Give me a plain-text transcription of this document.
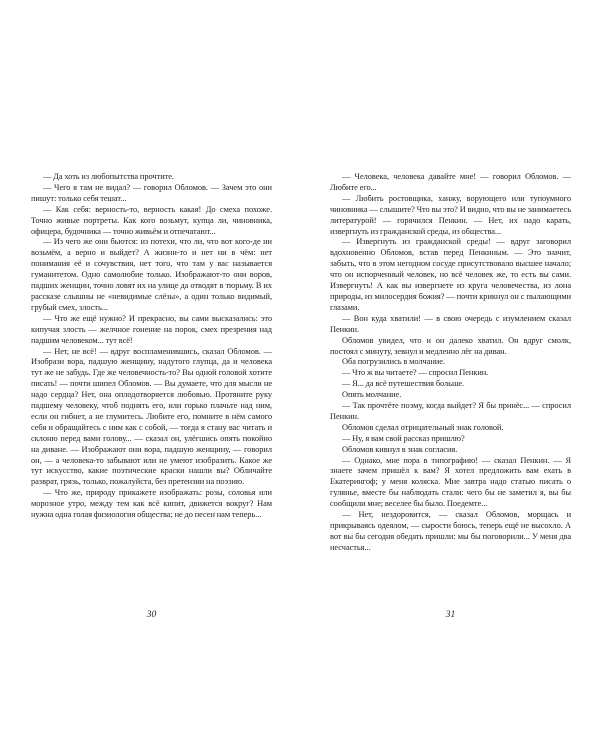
— Да хоть из любопытства прочтите.

— Чего я там не видал? — говорил Обломов. — Зачем это они пишут: только себя тешат...

— Как себя: верность-то, верность какая! До смеха похоже. Точно живые портреты. Как кого возьмут, купца ли, чиновника, офицера, будочника — точно живьём и отпечатают...

— Из чего же они бьются: из потехи, что ли, что вот кого-де ни возьмём, а верно и выйдет? А жизни-то и нет ни в чём: нет понимания её и сочувствия, нет того, что там у вас называется гуманитетом. Одно самолюбие только. Изображают-то они воров, падших женщин, точно ловят их на улице да отводят в тюрьму. В их рассказе слышны не «невидимые слёзы», а один только видимый, грубый смех, злость...

— Что же ещё нужно? И прекрасно, вы сами высказались: это кипучая злость — желчное гонение на порок, смех презрения над падшим человеком... тут всё!

— Нет, не всё! — вдруг воспламенившись, сказал Обломов. — Изобрази вора, падшую женщину, надутого глупца, да и человека тут же не забудь. Где же человечность-то? Вы одной головой хотите писать! — почти шипел Обломов. — Вы думаете, что для мысли не надо сердца? Нет, она оплодотворяется любовью. Протяните руку падшему человеку, чтоб поднять его, или горько плачьте над ним, если он гибнет, а не глумитесь. Любите его, помните в нём самого себя и обращайтесь с ним как с собой, — тогда я стану вас читать и склоню перед вами голову... — сказал он, улёгшись опять покойно на диване. — Изображают они вора, падшую женщину, — говорил он, — а человека-то забывают или не умеют изобразить. Какое же тут искусство, какие поэтические краски нашли вы? Обличайте разврат, грязь, только, пожалуйста, без претензии на поэзию.

— Что же, природу прикажете изображать: розы, соловья или морозное утро, между тем как всё кипит, движется вокруг? Нам нужна одна голая физиология общества; не до песен нам теперь...

30

— Человека, человека давайте мне! — говорил Обломов. — Любите его...

— Любить ростовщика, ханжу, ворующего или тупоумного чиновника — слышите? Что вы это? И видно, что вы не занимаетесь литературой! — горячился Пенкин. — Нет, их надо карать, извергнуть из гражданской среды, из общества...

— Извергнуть из гражданской среды! — вдруг заговорил вдохновенно Обломов, встав перед Пенкиным. — Это значит, забыть, что в этом негодном сосуде присутствовало высшее начало; что он испорченный человек, но всё человек же, то есть вы сами. Извергнуть! А как вы извергнете из круга человечества, из лона природы, из милосердия божия? — почти крикнул он с пылающими глазами.

— Вон куда хватили! — в свою очередь с изумлением сказал Пенкин.

Обломов увидел, что и он далеко хватил. Он вдруг смолк, постоял с минуту, зевнул и медленно лёг на диван.

Оба погрузились в молчание.

— Что ж вы читаете? — спросил Пенкин.

— Я... да всё путешествия больше.

Опять молчание.

— Так прочтёте поэму, когда выйдет? Я бы принёс... — спросил Пенкин.

Обломов сделал отрицательный знак головой.

— Ну, я вам свой рассказ пришлю?

Обломов кивнул в знак согласия.

— Однако, мне пора в типографию! — сказал Пенкин. — Я знаете зачем пришёл к вам? Я хотел предложить вам ехать в Екатерингоф; у меня коляска. Мне завтра надо статью писать о гулянье, вместе бы наблюдать стали: чего бы не заметил я, вы бы сообщили мне; веселее бы было. Поедемте...

— Нет, нездоровится, — сказал Обломов, морщась и прикрываясь одеялом, — сырости боюсь, теперь ещё не высохло. А вот вы бы сегодня обедать пришли: мы бы поговорили... У меня два несчастья...

31
